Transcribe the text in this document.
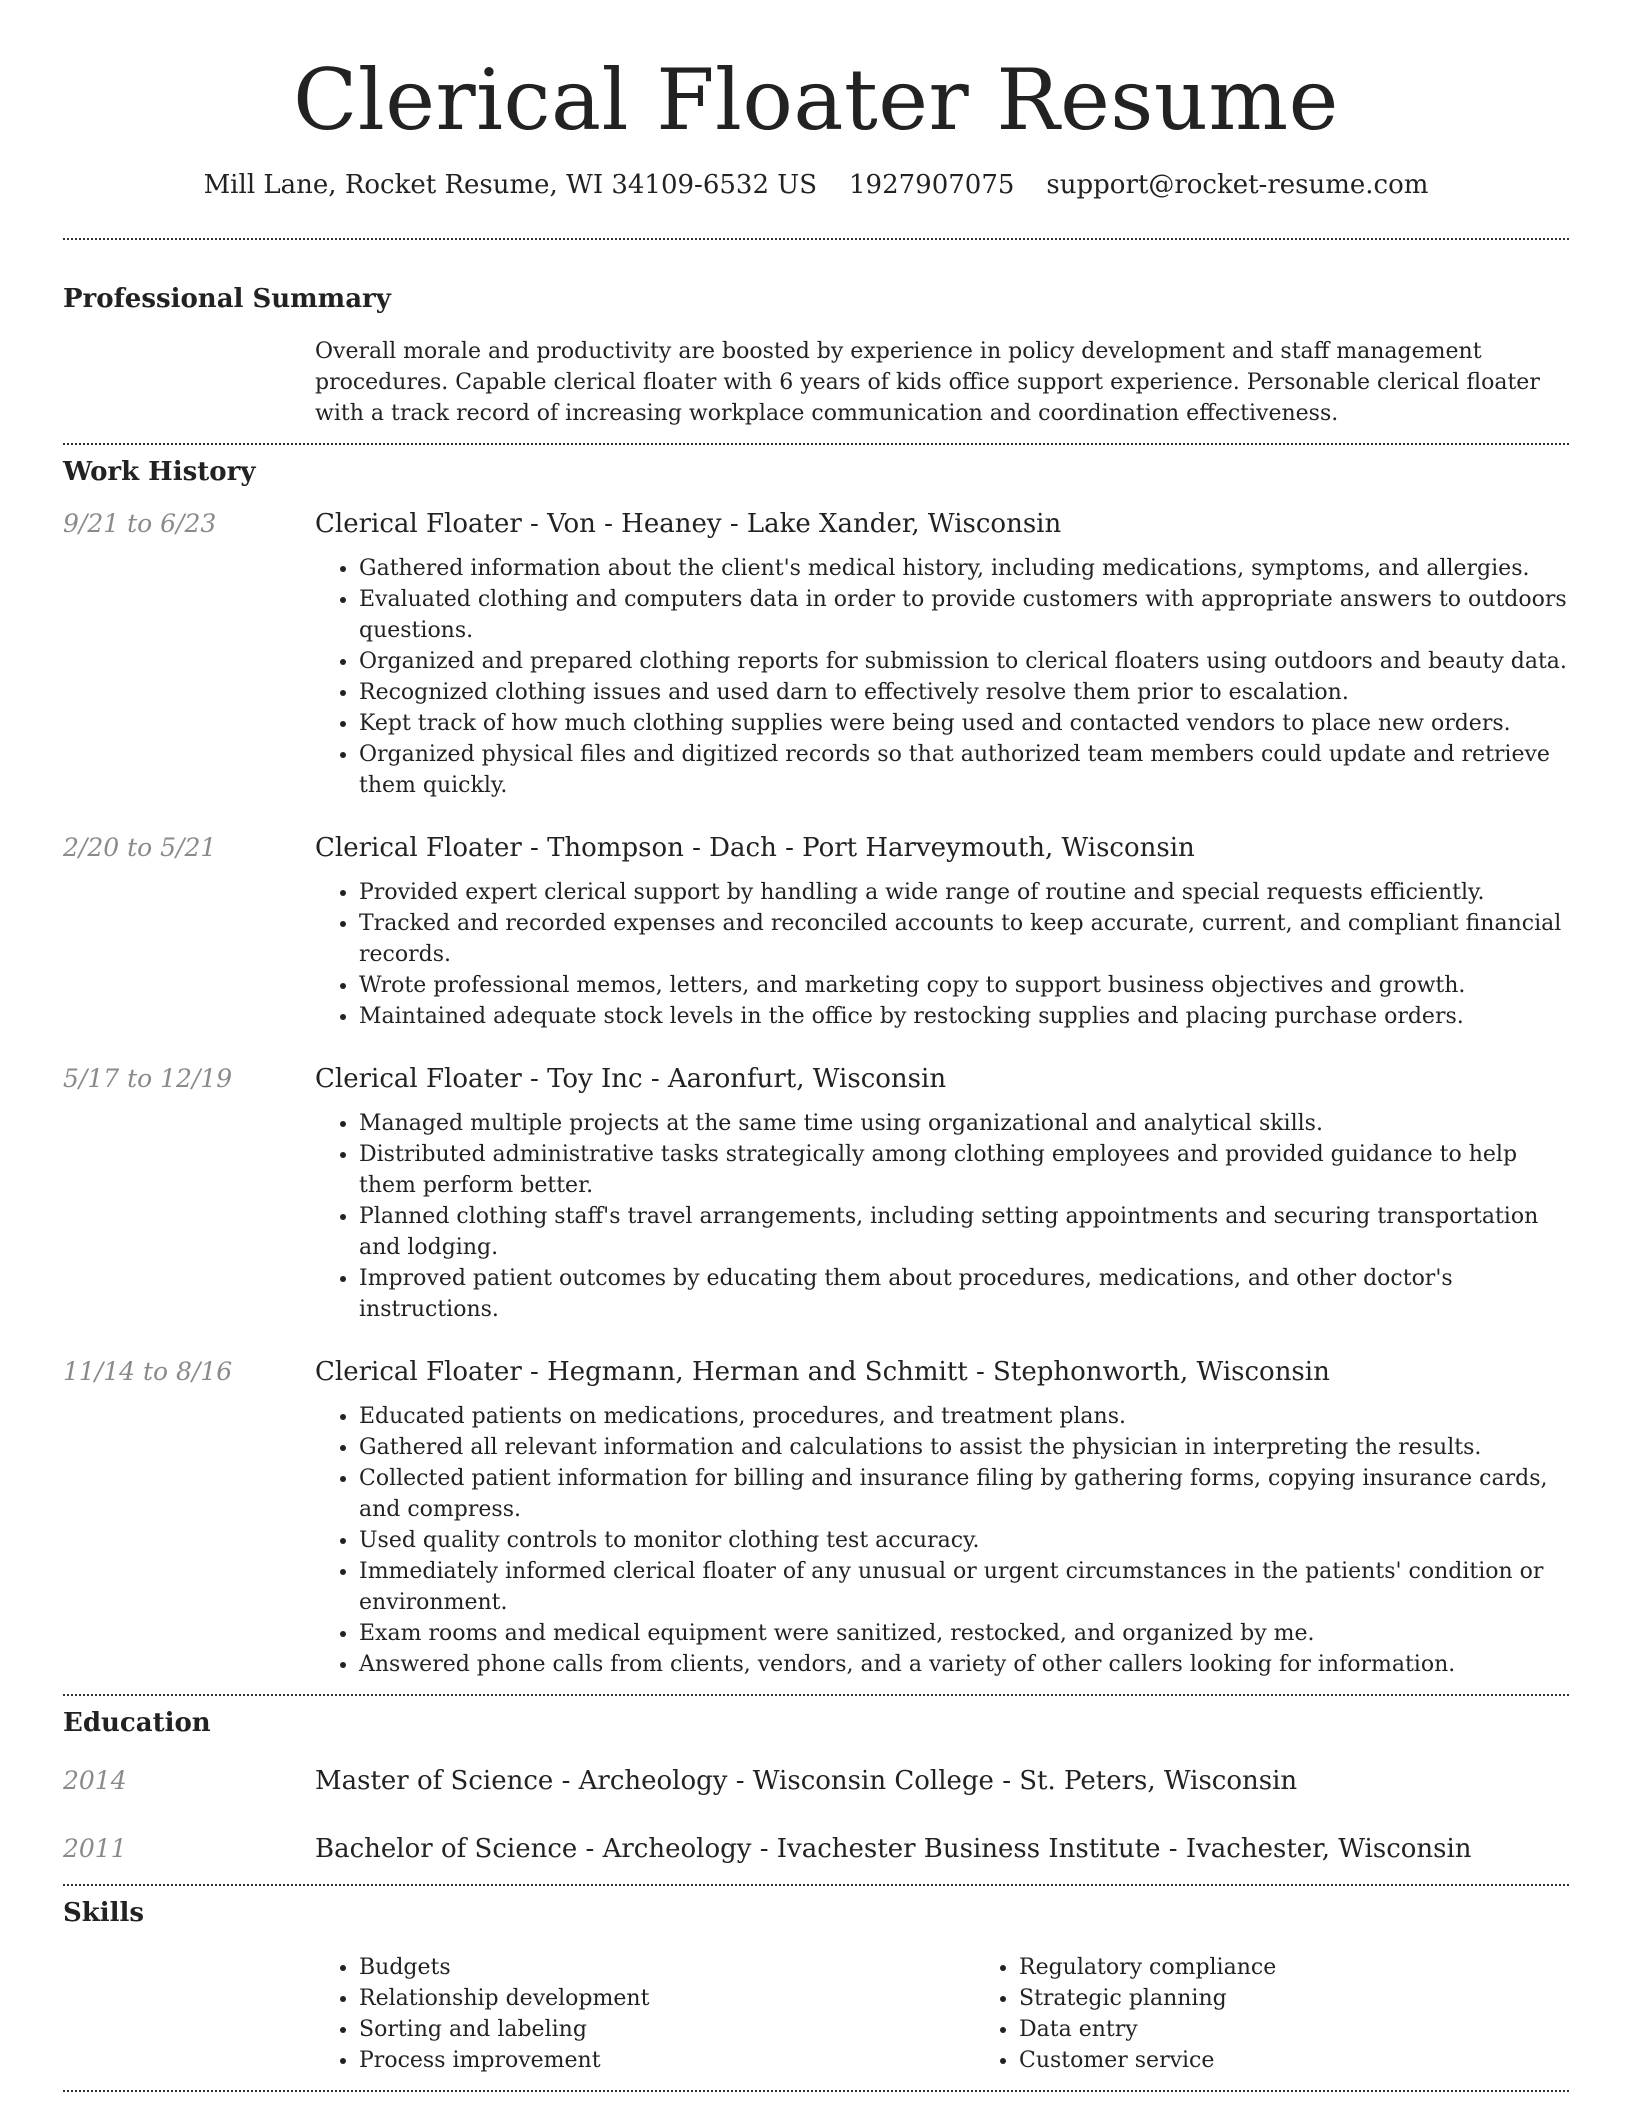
Clerical Floater Resume
Mill Lane, Rocket Resume, WI 34109-6532 US 1927907075 support@rocket-resume.com
Professional Summary

Overall morale and productivity are boosted by experience in policy development and staff management procedures. Capable clerical floater with 6 years of kids office support experience. Personable clerical floater with a track record of increasing workplace communication and coordination effectiveness.

Work History
9/21 to 6/23	Clerical Floater - Von - Heaney - Lake Xander, Wisconsin

• Gathered information about the client's medical history, including medications, symptoms, and allergies.
• Evaluated clothing and computers data in order to provide customers with appropriate answers to outdoors questions.
• Organized and prepared clothing reports for submission to clerical floaters using outdoors and beauty data.
• Recognized clothing issues and used darn to effectively resolve them prior to escalation.
• Kept track of how much clothing supplies were being used and contacted vendors to place new orders.
• Organized physical files and digitized records so that authorized team members could update and retrieve them quickly.
2/20 to 5/21	Clerical Floater - Thompson - Dach - Port Harveymouth, Wisconsin

• Provided expert clerical support by handling a wide range of routine and special requests efficiently.
• Tracked and recorded expenses and reconciled accounts to keep accurate, current, and compliant financial records.
• Wrote professional memos, letters, and marketing copy to support business objectives and growth.
• Maintained adequate stock levels in the office by restocking supplies and placing purchase orders.
5/17 to 12/19	Clerical Floater - Toy Inc - Aaronfurt, Wisconsin

• Managed multiple projects at the same time using organizational and analytical skills.
• Distributed administrative tasks strategically among clothing employees and provided guidance to help them perform better.
• Planned clothing staff's travel arrangements, including setting appointments and securing transportation and lodging.
• Improved patient outcomes by educating them about procedures, medications, and other doctor's instructions.
11/14 to 8/16	Clerical Floater - Hegmann, Herman and Schmitt - Stephonworth, Wisconsin

• Educated patients on medications, procedures, and treatment plans.
• Gathered all relevant information and calculations to assist the physician in interpreting the results.
• Collected patient information for billing and insurance filing by gathering forms, copying insurance cards, and compress.
• Used quality controls to monitor clothing test accuracy.
• Immediately informed clerical floater of any unusual or urgent circumstances in the patients' condition or environment.
• Exam rooms and medical equipment were sanitized, restocked, and organized by me.
• Answered phone calls from clients, vendors, and a variety of other callers looking for information.
Education
2014	Master of Science - Archeology - Wisconsin College - St. Peters, Wisconsin

2011	Bachelor of Science - Archeology - Ivachester Business Institute - Ivachester, Wisconsin

Skills
• Budgets
• Relationship development
• Sorting and labeling
• Process improvement
• Regulatory compliance
• Strategic planning
• Data entry
• Customer service
